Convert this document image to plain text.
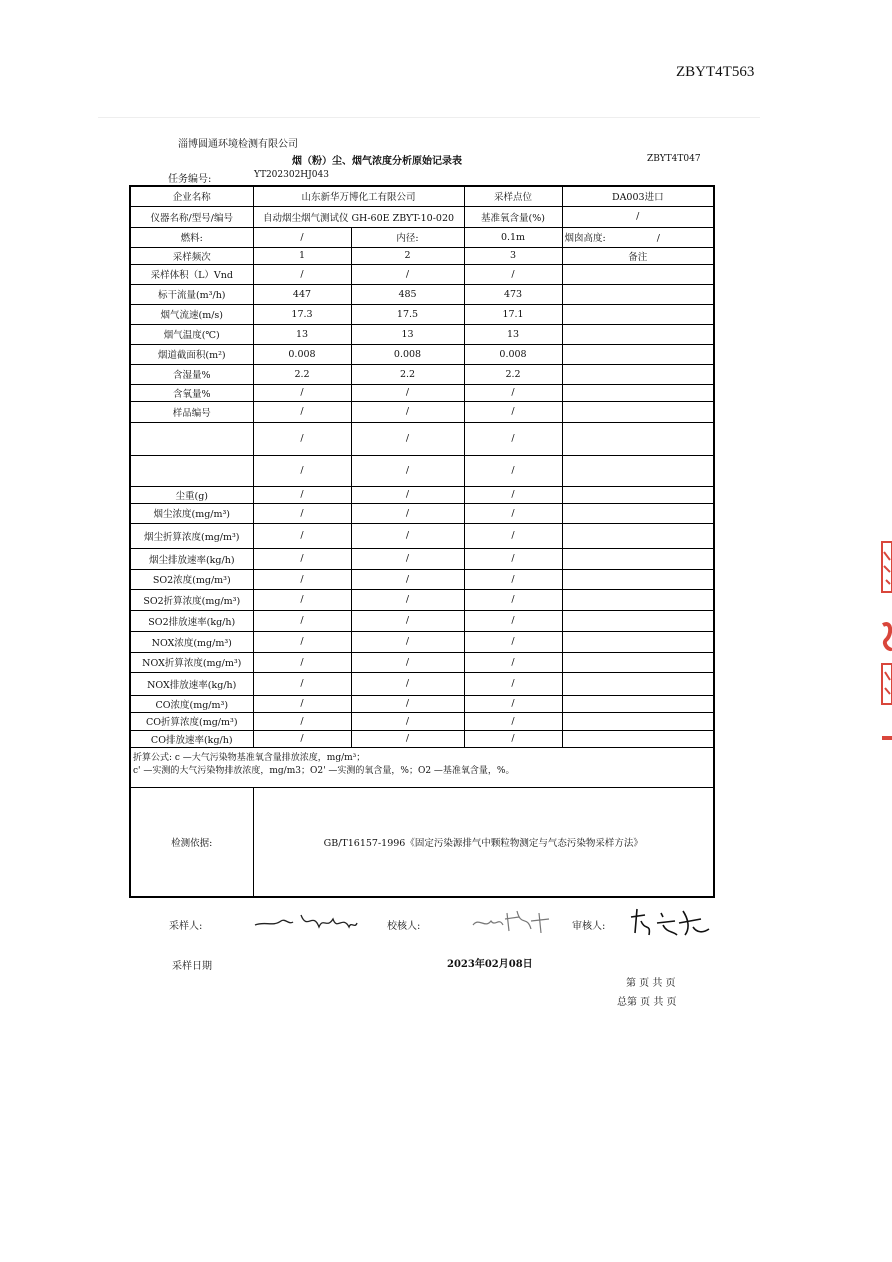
ZBYT4T563
淄博圆通环境检测有限公司
烟（粉）尘、烟气浓度分析原始记录表	ZBYT4T047
任务编号:	YT202302HJ043
企业名称	山东新华万博化工有限公司		采样点位	DA003进口
仪器名称/型号/编号	自动烟尘烟气测试仪 GH-60E ZBYT-10-020		基准氧含量(%)	/
燃料:	/	内径:	0.1m	烟囱高度: /
采样频次	1	2	3	备注
采样体积（L）Vnd	/	/	/	
标干流量(m³/h)	447	485	473	
烟气流速(m/s)	17.3	17.5	17.1	
烟气温度(℃)	13	13	13	
烟道截面积(m²)	0.008	0.008	0.008	
含湿量%	2.2	2.2	2.2	
含氧量%	/	/	/	
样品编号	/	/	/	
	/	/	/	
	/	/	/	
尘重(g)	/	/	/	
烟尘浓度(mg/m³)	/	/	/	
烟尘折算浓度(mg/m³)	/	/	/	
烟尘排放速率(kg/h)	/	/	/	
SO2浓度(mg/m³)	/	/	/	
SO2折算浓度(mg/m³)	/	/	/	
SO2排放速率(kg/h)	/	/	/	
NOX浓度(mg/m³)	/	/	/	
NOX折算浓度(mg/m³)	/	/	/	
NOX排放速率(kg/h)	/	/	/	
CO浓度(mg/m³)	/	/	/	
CO折算浓度(mg/m³)	/	/	/	
CO排放速率(kg/h)	/	/	/	

折算公式: c —大气污染物基准氧含量排放浓度，mg/m³；
c' —实测的大气污染物排放浓度，mg/m3；O2' —实测的氧含量，%；O2 —基准氧含量，%。				

检测依据:	GB/T16157-1996《固定污染源排气中颗粒物测定与气态污染物采样方法》			
采样人:	校核人:	审核人:
采样日期	2023年02月08日
第 页 共 页
总第 页 共 页
